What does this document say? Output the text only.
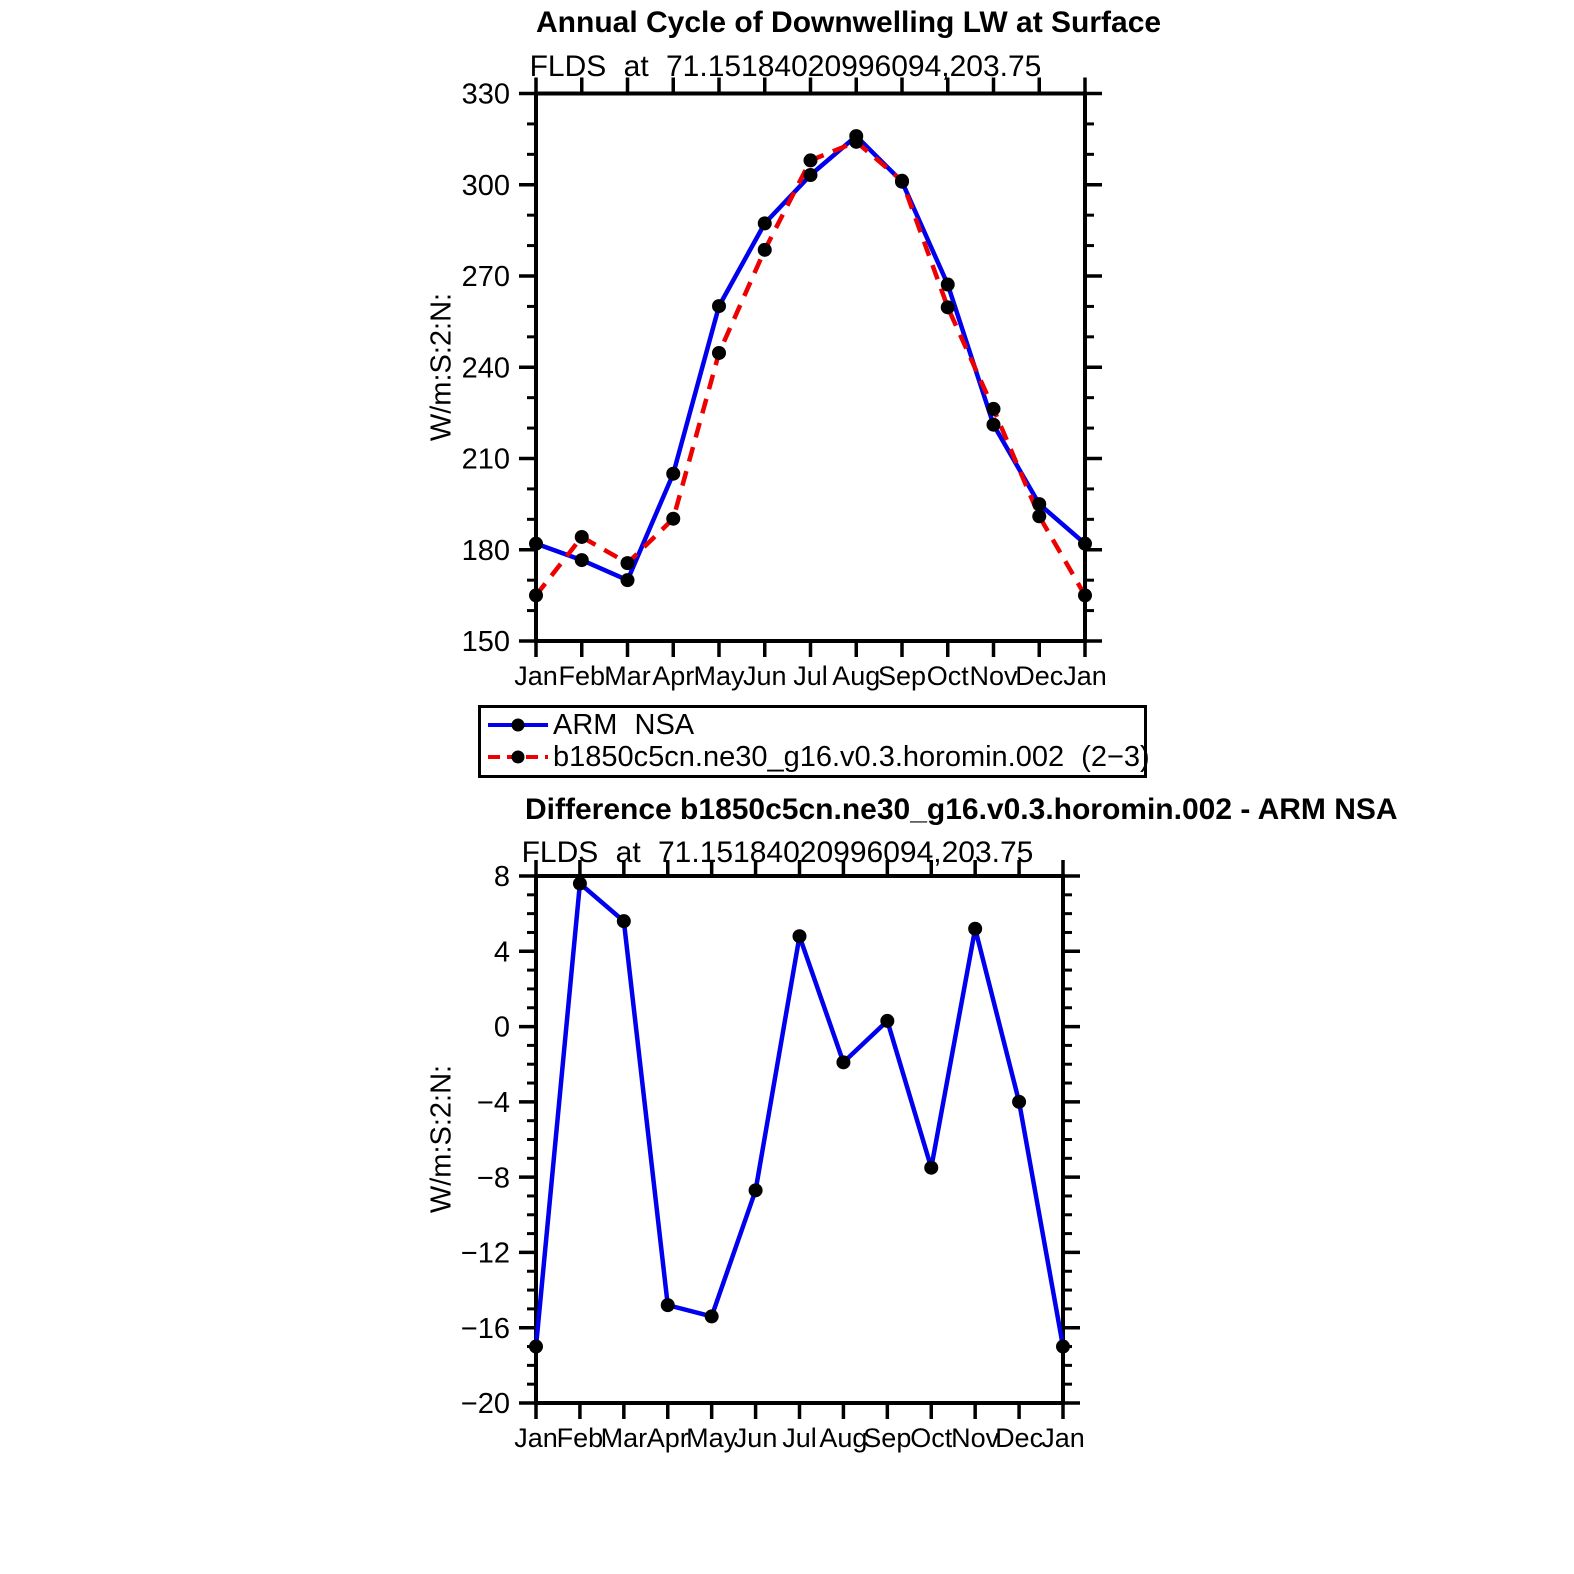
150
180
210
240
270
300
330
Jan Feb Mar Apr May
Jun Jul Aug
Sep Oct Nov
Dec Jan
−20
−16
−12
−8
−4
0
4
8
Jan
Feb
Mar Apr
May
Jun Jul Aug
Sep
Oct
Nov
Dec
Jan
Annual Cycle of Downwelling LW at Surface
FLDS at 71.15184020996094,203.75
W/m:S:2:N:
ARM NSA
b1850c5cn.ne30_g16.v0.3.horomin.002 (2−3)
Difference b1850c5cn.ne30_g16.v0.3.horomin.002 - ARM NSA
FLDS at 71.15184020996094,203.75
W/m:S:2:N:
